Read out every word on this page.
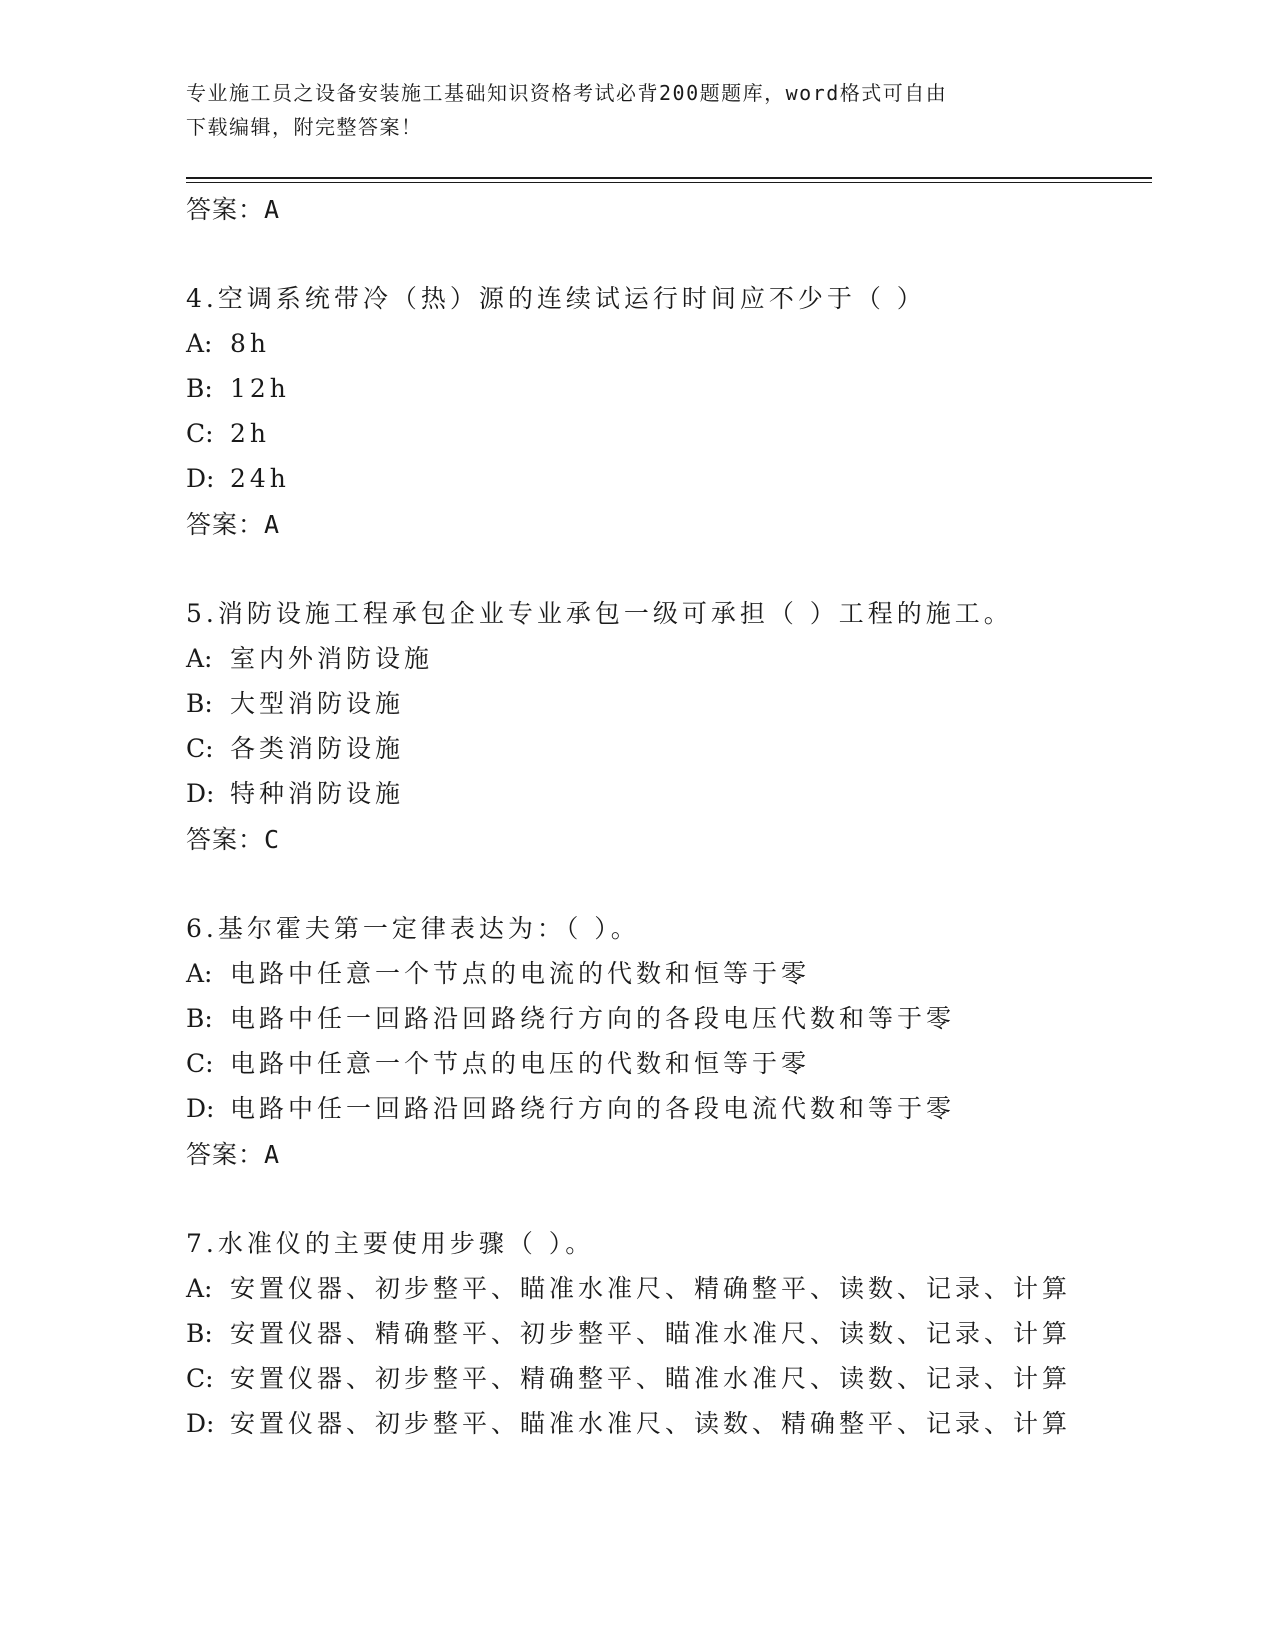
专业施工员之设备安装施工基础知识资格考试必背200题题库，word格式可自由
下载编辑，附完整答案！
答案：A
4.空调系统带冷（热）源的连续试运行时间应不少于（ ）
A: 8h
B: 12h
C: 2h
D: 24h
答案：A
5.消防设施工程承包企业专业承包一级可承担（ ）工程的施工。
A: 室内外消防设施
B: 大型消防设施
C: 各类消防设施
D: 特种消防设施
答案：C
6.基尔霍夫第一定律表达为：（ ）。
A: 电路中任意一个节点的电流的代数和恒等于零
B: 电路中任一回路沿回路绕行方向的各段电压代数和等于零
C: 电路中任意一个节点的电压的代数和恒等于零
D: 电路中任一回路沿回路绕行方向的各段电流代数和等于零
答案：A
7.水准仪的主要使用步骤（ ）。
A: 安置仪器、初步整平、瞄准水准尺、精确整平、读数、记录、计算
B: 安置仪器、精确整平、初步整平、瞄准水准尺、读数、记录、计算
C: 安置仪器、初步整平、精确整平、瞄准水准尺、读数、记录、计算
D: 安置仪器、初步整平、瞄准水准尺、读数、精确整平、记录、计算
